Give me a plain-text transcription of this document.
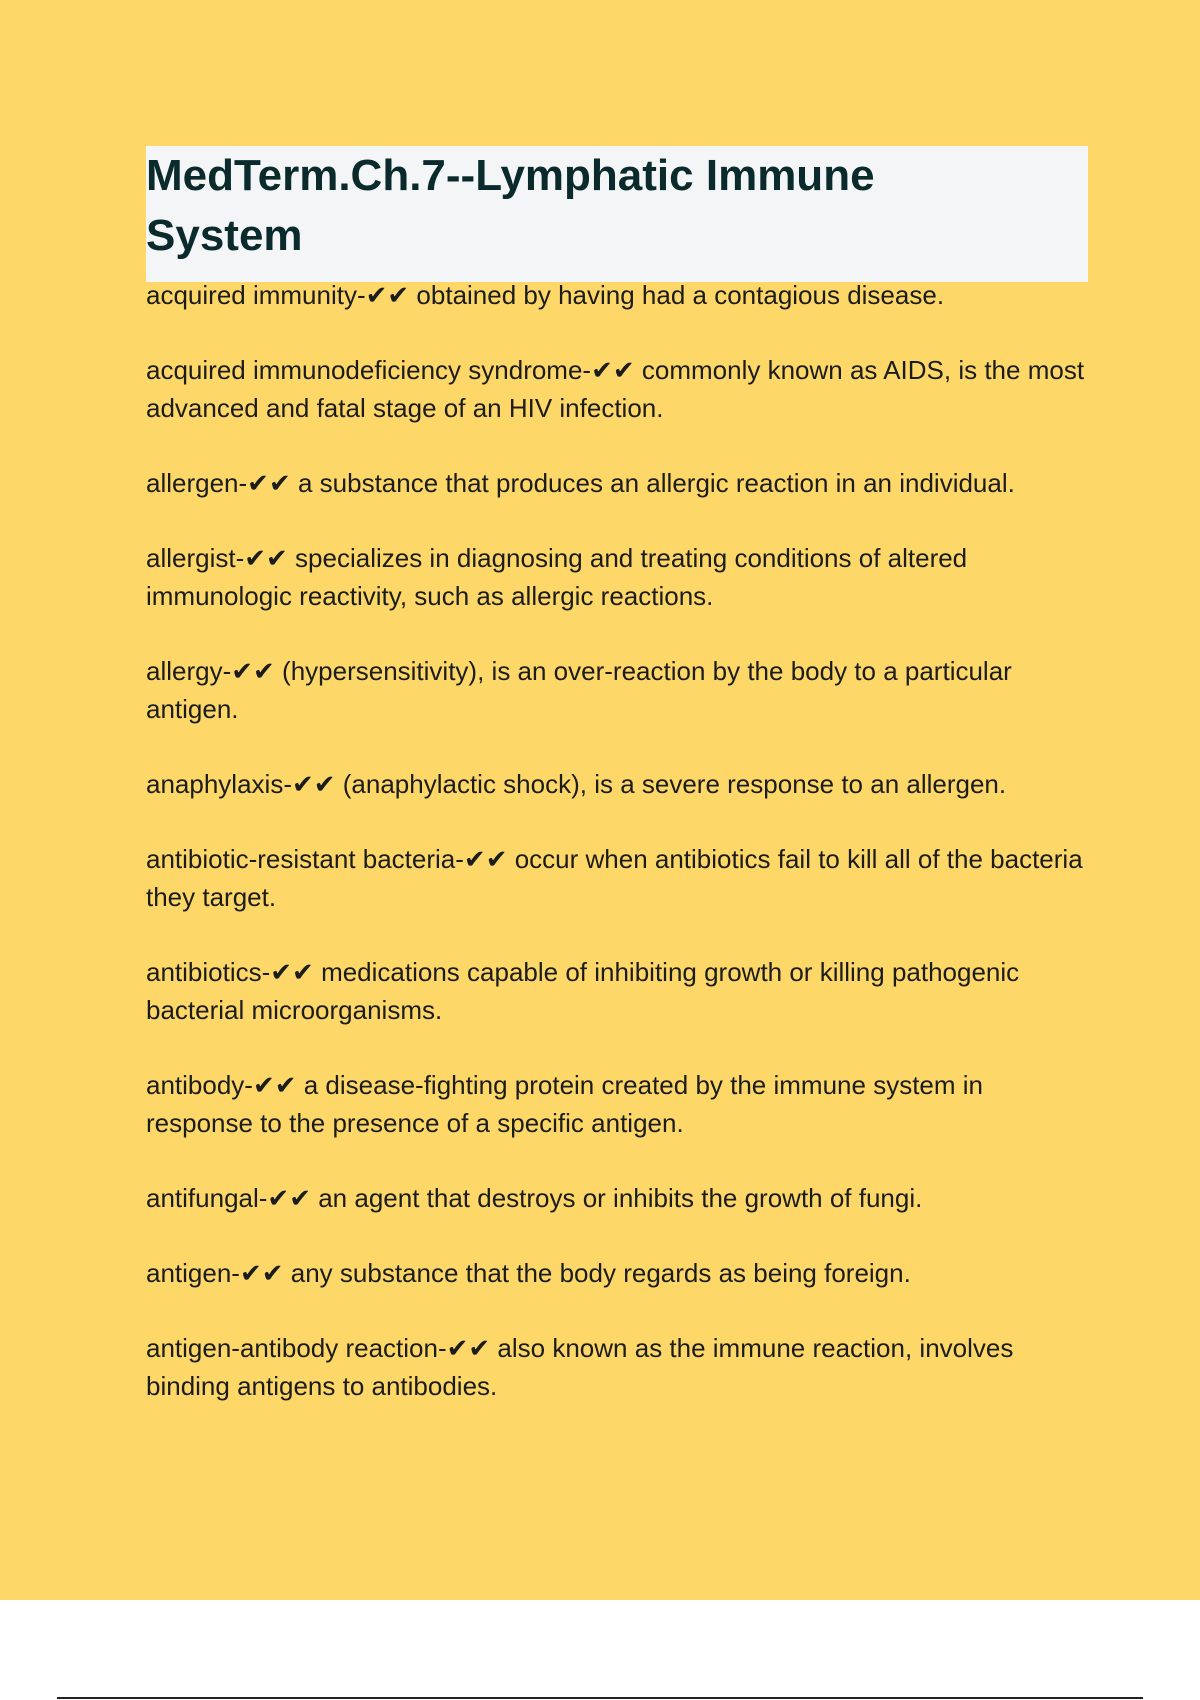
MedTerm.Ch.7--Lymphatic Immune System

acquired immunity-✔✔ obtained by having had a contagious disease.

acquired immunodeficiency syndrome-✔✔ commonly known as AIDS, is the most advanced and fatal stage of an HIV infection.

allergen-✔✔ a substance that produces an allergic reaction in an individual.

allergist-✔✔ specializes in diagnosing and treating conditions of altered immunologic reactivity, such as allergic reactions.

allergy-✔✔ (hypersensitivity), is an over-reaction by the body to a particular antigen.

anaphylaxis-✔✔ (anaphylactic shock), is a severe response to an allergen.

antibiotic-resistant bacteria-✔✔ occur when antibiotics fail to kill all of the bacteria they target.

antibiotics-✔✔ medications capable of inhibiting growth or killing pathogenic bacterial microorganisms.

antibody-✔✔ a disease-fighting protein created by the immune system in response to the presence of a specific antigen.

antifungal-✔✔ an agent that destroys or inhibits the growth of fungi.

antigen-✔✔ any substance that the body regards as being foreign.

antigen-antibody reaction-✔✔ also known as the immune reaction, involves binding antigens to antibodies.
